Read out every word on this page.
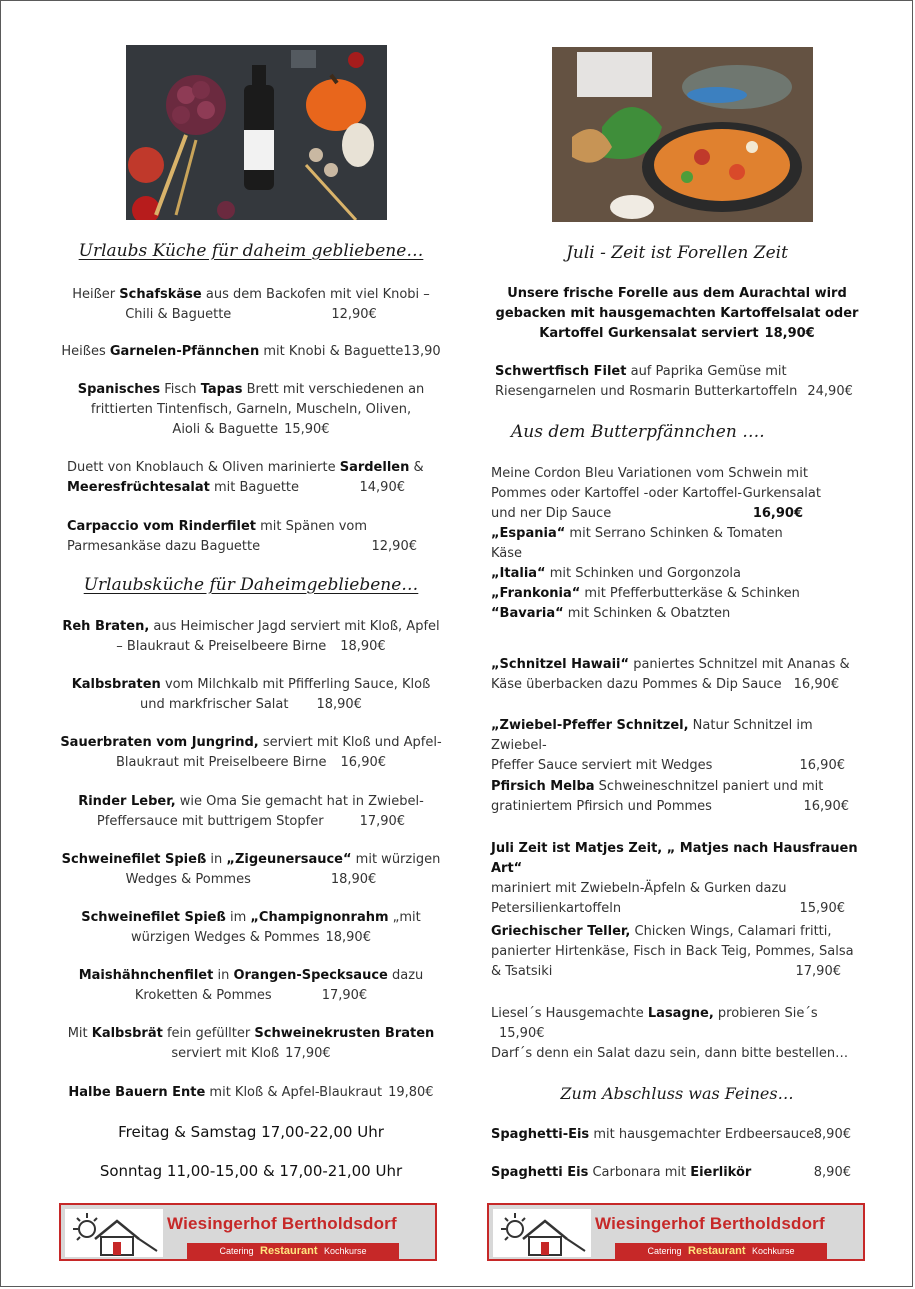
Urlaubs Küche für daheim gebliebene…
Heißer Schafskäse aus dem Backofen mit viel Knobi –
Chili & Baguette	12,90€
Heißes Garnelen-Pfännchen mit Knobi & Baguette13,90
Spanisches Fisch Tapas Brett mit verschiedenen an
frittierten Tintenfisch, Garneln, Muscheln, Oliven,
Aioli & Baguette 15,90€
Duett von Knoblauch & Oliven marinierte Sardellen &
Meeresfrüchtesalat mit Baguette	14,90€
Carpaccio vom Rinderfilet mit Spänen vom
Parmesankäse dazu Baguette	12,90€
Urlaubsküche für Daheimgebliebene…
Reh Braten, aus Heimischer Jagd serviert mit Kloß, Apfel
– Blaukraut & Preiselbeere Birne 18,90€
Kalbsbraten vom Milchkalb mit Pfifferling Sauce, Kloß
und markfrischer Salat 18,90€
Sauerbraten vom Jungrind, serviert mit Kloß und Apfel-
Blaukraut mit Preiselbeere Birne 16,90€
Rinder Leber, wie Oma Sie gemacht hat in Zwiebel-
Pfeffersauce mit buttrigem Stopfer	17,90€
Schweinefilet Spieß in „Zigeunersauce“ mit würzigen
Wedges & Pommes	18,90€
Schweinefilet Spieß im „Champignonrahm „mit
würzigen Wedges & Pommes 18,90€
Maishähnchenfilet in Orangen-Specksauce dazu
Kroketten & Pommes	17,90€
Mit Kalbsbrät fein gefüllter Schweinekrusten Braten
serviert mit Kloß 17,90€
Halbe Bauern Ente mit Kloß & Apfel-Blaukraut 19,80€
Freitag & Samstag 17,00-22,00 Uhr
Sonntag 11,00-15,00 & 17,00-21,00 Uhr
Wiesingerhof Bertholdsdorf
Catering Restaurant Kochkurse
Juli - Zeit ist Forellen Zeit
Unsere frische Forelle aus dem Aurachtal wird
gebacken mit hausgemachten Kartoffelsalat oder
Kartoffel Gurkensalat serviert 18,90€
Schwertfisch Filet auf Paprika Gemüse mit
Riesengarnelen und Rosmarin Butterkartoffeln 24,90€
Aus dem Butterpfännchen ….
Meine Cordon Bleu Variationen vom Schwein mit
Pommes oder Kartoffel -oder Kartoffel-Gurkensalat
und ner Dip Sauce	16,90€

„Espania“ mit Serrano Schinken & Tomaten
Käse
„Italia“ mit Schinken und Gorgonzola
„Frankonia“ mit Pfefferbutterkäse & Schinken
“Bavaria“ mit Schinken & Obatzten
„Schnitzel Hawaii“ paniertes Schnitzel mit Ananas &
Käse überbacken dazu Pommes & Dip Sauce 16,90€
„Zwiebel-Pfeffer Schnitzel, Natur Schnitzel im Zwiebel-
Pfeffer Sauce serviert mit Wedges	16,90€
Pfirsich Melba Schweineschnitzel paniert und mit
gratiniertem Pfirsich und Pommes	16,90€
Juli Zeit ist Matjes Zeit, „ Matjes nach Hausfrauen Art“
mariniert mit Zwiebeln-Äpfeln & Gurken dazu
Petersilienkartoffeln	15,90€
Griechischer Teller, Chicken Wings, Calamari fritti,
panierter Hirtenkäse, Fisch in Back Teig, Pommes, Salsa
& Tsatsiki	17,90€
Liesel´s Hausgemachte Lasagne, probieren Sie´s15,90€
Darf´s denn ein Salat dazu sein, dann bitte bestellen…
Zum Abschluss was Feines…
Spaghetti-Eis mit hausgemachter Erdbeersauce 8,90€
Spaghetti Eis Carbonara mit Eierlikör	8,90€
Wiesingerhof Bertholdsdorf
Catering Restaurant Kochkurse
